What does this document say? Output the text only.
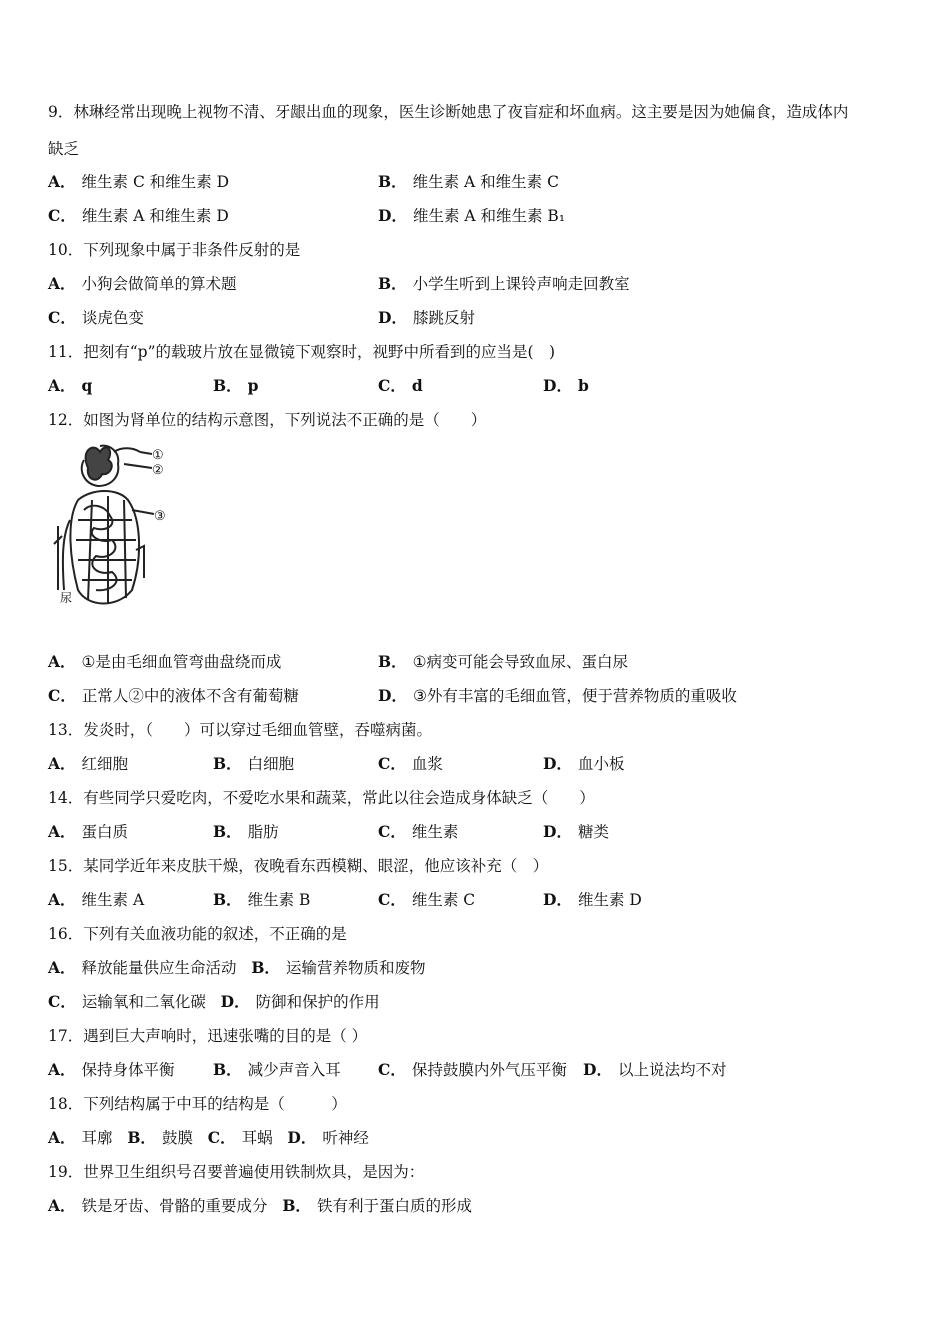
9．林琳经常出现晚上视物不清、牙龈出血的现象，医生诊断她患了夜盲症和坏血病。这主要是因为她偏食，造成体内
缺乏
A． 维生素 C 和维生素 D	B． 维生素 A 和维生素 C
C． 维生素 A 和维生素 D	D． 维生素 A 和维生素 B₁
10．下列现象中属于非条件反射的是
A． 小狗会做简单的算术题	B． 小学生听到上课铃声响走回教室
C． 谈虎色变	D． 膝跳反射
11．把刻有“p”的载玻片放在显微镜下观察时，视野中所看到的应当是(　)
A． q	B． p	C． d	D． b
12．如图为肾单位的结构示意图，下列说法不正确的是（　　）
①
②
③
尿
A． ①是由毛细血管弯曲盘绕而成	B． ①病变可能会导致血尿、蛋白尿
C． 正常人②中的液体不含有葡萄糖	D． ③外有丰富的毛细血管，便于营养物质的重吸收
13．发炎时，（　　）可以穿过毛细血管壁，吞噬病菌。
A． 红细胞	B． 白细胞	C． 血浆	D． 血小板
14．有些同学只爱吃肉，不爱吃水果和蔬菜，常此以往会造成身体缺乏（　　）
A． 蛋白质	B． 脂肪	C． 维生素	D． 糖类
15．某同学近年来皮肤干燥，夜晚看东西模糊、眼涩，他应该补充（　）
A． 维生素 A	B． 维生素 B	C． 维生素 C	D． 维生素 D
16．下列有关血液功能的叙述，不正确的是
A． 释放能量供应生命活动 B． 运输营养物质和废物
C． 运输氧和二氧化碳 D． 防御和保护的作用
17．遇到巨大声响时，迅速张嘴的目的是（ ）
A． 保持身体平衡 B． 减少声音入耳 C． 保持鼓膜内外气压平衡 D． 以上说法均不对
18．下列结构属于中耳的结构是（　　　）
A． 耳廓 B． 鼓膜 C． 耳蜗 D． 听神经
19．世界卫生组织号召要普遍使用铁制炊具，是因为：
A． 铁是牙齿、骨骼的重要成分 B． 铁有利于蛋白质的形成
